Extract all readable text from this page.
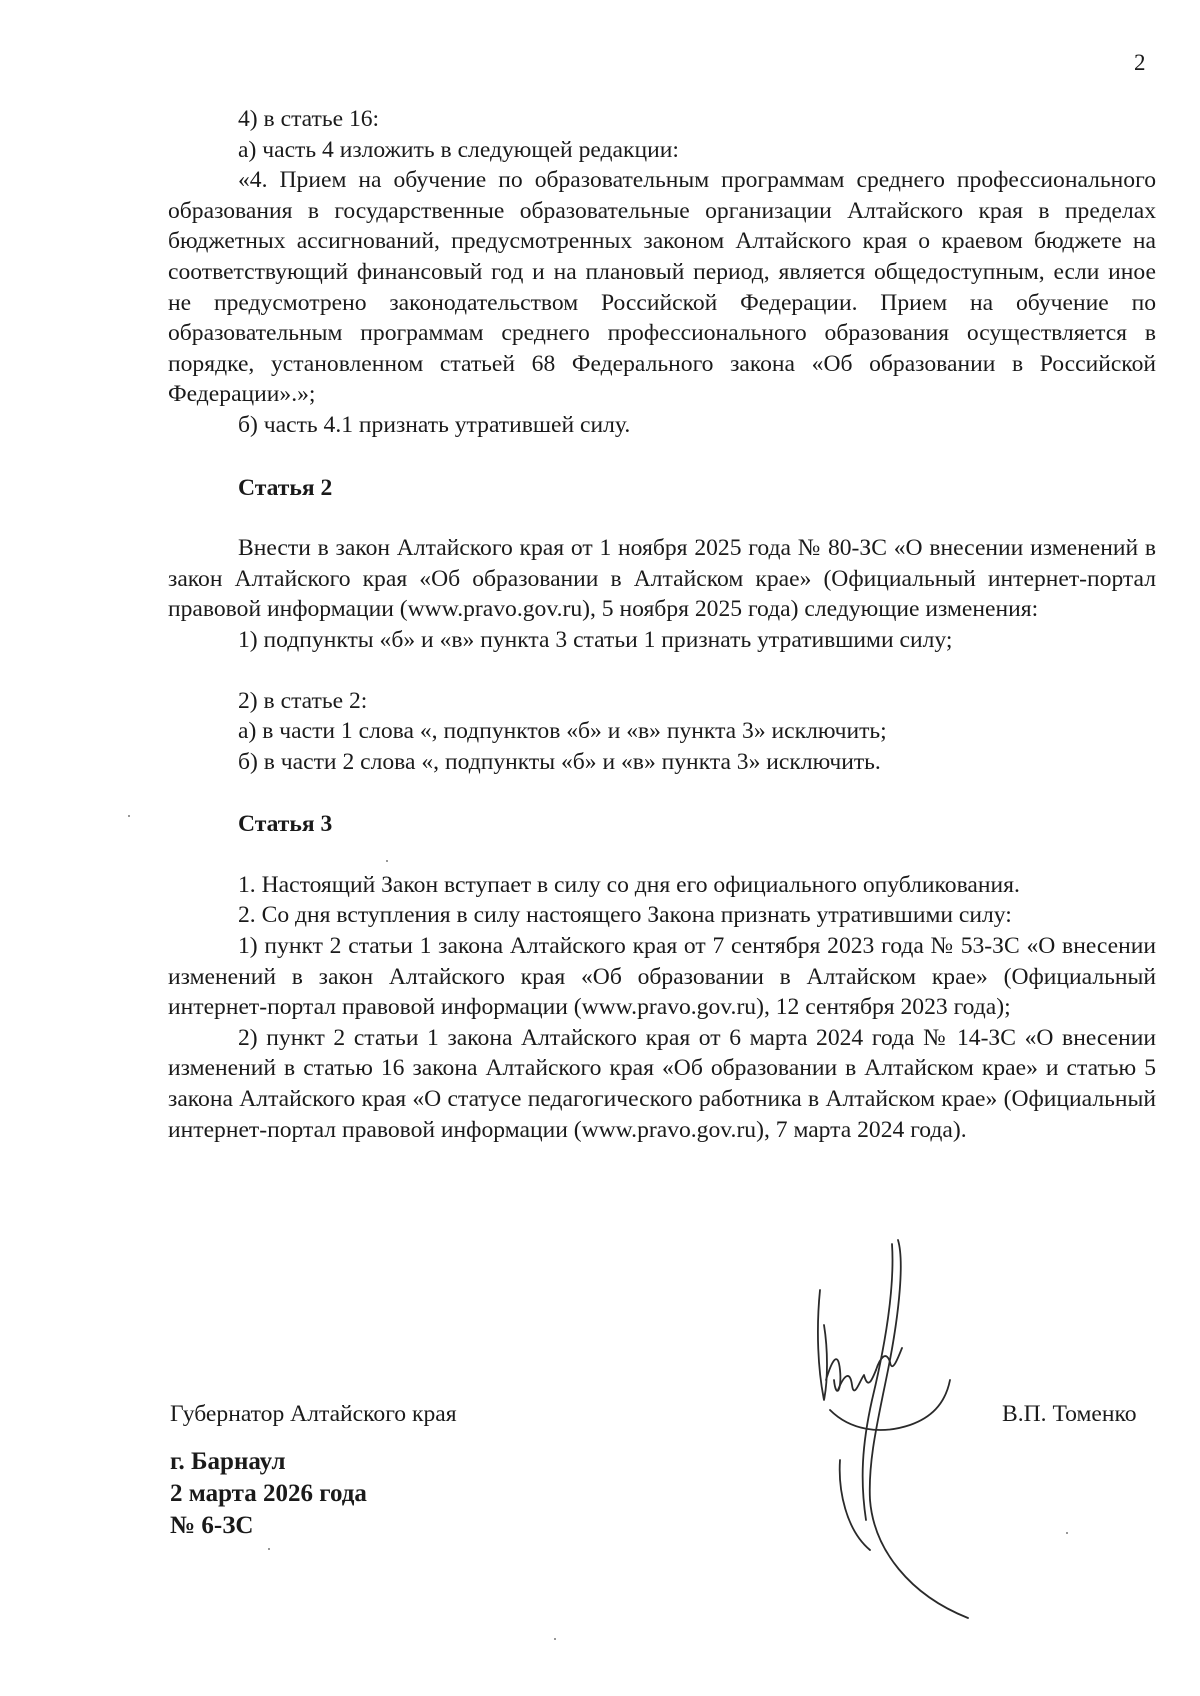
2

4) в статье 16:

а) часть 4 изложить в следующей редакции:

«4. Прием на обучение по образовательным программам среднего профессионального образования в государственные образовательные организации Алтайского края в пределах бюджетных ассигнований, предусмотренных законом Алтайского края о краевом бюджете на соответствующий финансовый год и на плановый период, является общедоступным, если иное не предусмотрено законодательством Российской Федерации. Прием на обучение по образовательным программам среднего профессионального образования осуществляется в порядке, установленном статьей 68 Федерального закона «Об образовании в Российской Федерации».»;

б) часть 4.1 признать утратившей силу.

Статья 2

Внести в закон Алтайского края от 1 ноября 2025 года № 80-ЗС «О внесении изменений в закон Алтайского края «Об образовании в Алтайском крае» (Официальный интернет-портал правовой информации (www.pravo.gov.ru), 5 ноября 2025 года) следующие изменения:

1) подпункты «б» и «в» пункта 3 статьи 1 признать утратившими силу;

2) в статье 2:

а) в части 1 слова «, подпунктов «б» и «в» пункта 3» исключить;

б) в части 2 слова «, подпункты «б» и «в» пункта 3» исключить.

Статья 3

1. Настоящий Закон вступает в силу со дня его официального опубликования.

2. Со дня вступления в силу настоящего Закона признать утратившими силу:

1) пункт 2 статьи 1 закона Алтайского края от 7 сентября 2023 года № 53-ЗС «О внесении изменений в закон Алтайского края «Об образовании в Алтайском крае» (Официальный интернет-портал правовой информации (www.pravo.gov.ru), 12 сентября 2023 года);

2) пункт 2 статьи 1 закона Алтайского края от 6 марта 2024 года № 14-ЗС «О внесении изменений в статью 16 закона Алтайского края «Об образовании в Алтайском крае» и статью 5 закона Алтайского края «О статусе педагогического работника в Алтайском крае» (Официальный интернет-портал правовой информации (www.pravo.gov.ru), 7 марта 2024 года).

Губернатор Алтайского края	В.П. Томенко
г. Барнаул
2 марта 2026 года
№ 6-ЗС
